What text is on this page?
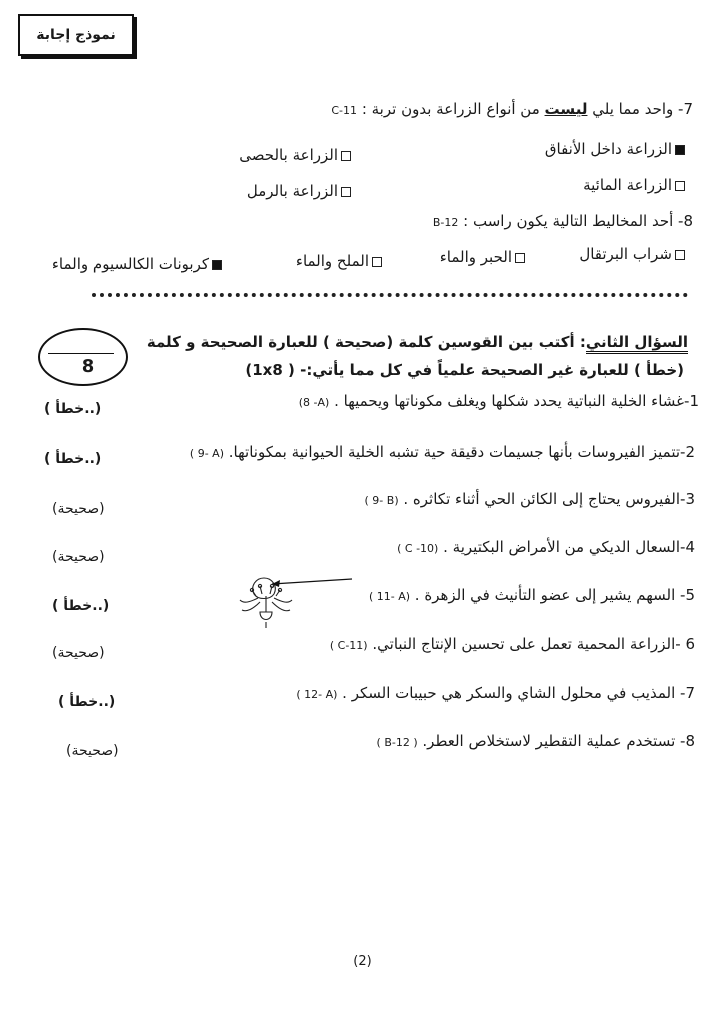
نموذج إجابة
7- واحد مما يلي ليست من أنواع الزراعة بدون تربة : C-11
الزراعة داخل الأنفاق
الزراعة بالحصى
الزراعة المائية
الزراعة بالرمل
8- أحد المخاليط التالية يكون راسب : B-12
شراب البرتقال
الحبر والماء
الملح والماء
كربونات الكالسيوم والماء
8
السؤال الثاني: أكتب بين القوسين كلمة (صحيحة ) للعبارة الصحيحة و كلمة
(خطأ ) للعبارة غير الصحيحة علمياً في كل مما يأتي:- (1x8 )
1-غشاء الخلية النباتية يحدد شكلها ويغلف مكوناتها ويحميها . (8 -A)
(..خطأ )
2-تتميز الفيروسات بأنها جسيمات دقيقة حية تشبه الخلية الحيوانية بمكوناتها. ( 9- A)
(..خطأ )
3-الفيروس يحتاج إلى الكائن الحي أثناء تكاثره . ( 9- B)
(صحيحة)
4-السعال الديكي من الأمراض البكتيرية . ( C -10)
(صحيحة)
5- السهم يشير إلى عضو التأنيث في الزهرة . ( 11- A)
(..خطأ )
6 -الزراعة المحمية تعمل على تحسين الإنتاج النباتي. ( C-11)
(صحيحة)
7- المذيب في محلول الشاي والسكر هي حبيبات السكر . ( 12- A)
(..خطأ )
8- تستخدم عملية التقطير لاستخلاص العطر. ( B-12 )
(صحيحة)
(2)
